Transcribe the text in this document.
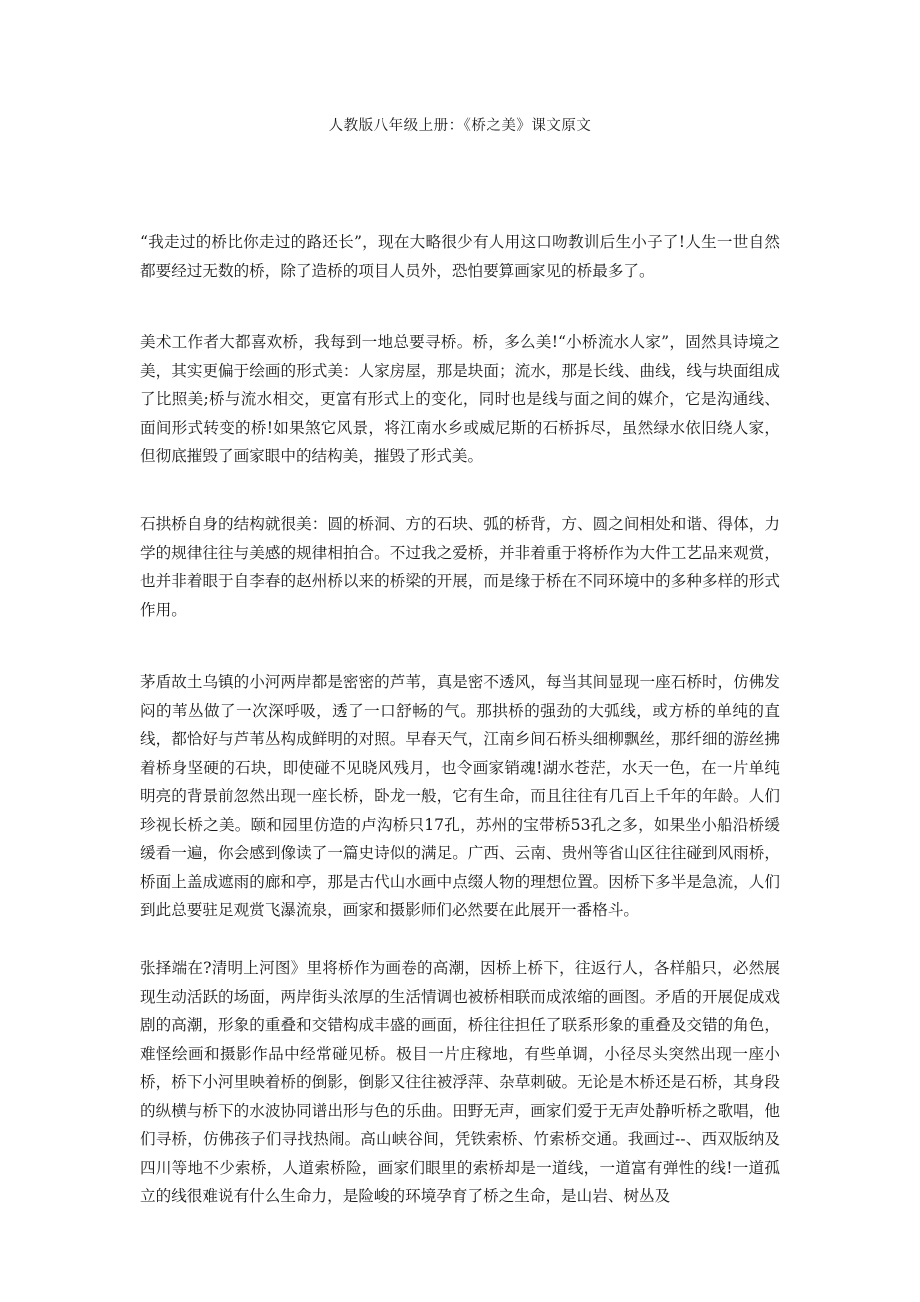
人教版八年级上册：《桥之美》课文原文

“我走过的桥比你走过的路还长”，现在大略很少有人用这口吻教训后生小子了!人生一世自然都要经过无数的桥，除了造桥的项目人员外，恐怕要算画家见的桥最多了。

美术工作者大都喜欢桥，我每到一地总要寻桥。桥，多么美!“小桥流水人家”，固然具诗境之美，其实更偏于绘画的形式美：人家房屋，那是块面；流水，那是长线、曲线，线与块面组成了比照美;桥与流水相交，更富有形式上的变化，同时也是线与面之间的媒介，它是沟通线、面间形式转变的桥!如果煞它风景，将江南水乡或威尼斯的石桥拆尽，虽然绿水依旧绕人家，但彻底摧毁了画家眼中的结构美，摧毁了形式美。

石拱桥自身的结构就很美：圆的桥洞、方的石块、弧的桥背，方、圆之间相处和谐、得体，力学的规律往往与美感的规律相拍合。不过我之爱桥，并非着重于将桥作为大件工艺品来观赏，也并非着眼于自李春的赵州桥以来的桥梁的开展，而是缘于桥在不同环境中的多种多样的形式作用。

茅盾故土乌镇的小河两岸都是密密的芦苇，真是密不透风，每当其间显现一座石桥时，仿佛发闷的苇丛做了一次深呼吸，透了一口舒畅的气。那拱桥的强劲的大弧线，或方桥的单纯的直线，都恰好与芦苇丛构成鲜明的对照。早春天气，江南乡间石桥头细柳飘丝，那纤细的游丝拂着桥身坚硬的石块，即使碰不见晓风残月，也令画家销魂!湖水苍茫，水天一色，在一片单纯明亮的背景前忽然出现一座长桥，卧龙一般，它有生命，而且往往有几百上千年的年龄。人们珍视长桥之美。颐和园里仿造的卢沟桥只17孔，苏州的宝带桥53孔之多，如果坐小船沿桥缓缓看一遍，你会感到像读了一篇史诗似的满足。广西、云南、贵州等省山区往往碰到风雨桥，桥面上盖成遮雨的廊和亭，那是古代山水画中点缀人物的理想位置。因桥下多半是急流，人们到此总要驻足观赏飞瀑流泉，画家和摄影师们必然要在此展开一番格斗。

张择端在?清明上河图》里将桥作为画卷的高潮，因桥上桥下，往返行人，各样船只，必然展现生动活跃的场面，两岸街头浓厚的生活情调也被桥相联而成浓缩的画图。矛盾的开展促成戏剧的高潮，形象的重叠和交错构成丰盛的画面，桥往往担任了联系形象的重叠及交错的角色，难怪绘画和摄影作品中经常碰见桥。极目一片庄稼地，有些单调，小径尽头突然出现一座小桥，桥下小河里映着桥的倒影，倒影又往往被浮萍、杂草刺破。无论是木桥还是石桥，其身段的纵横与桥下的水波协同谱出形与色的乐曲。田野无声，画家们爱于无声处静听桥之歌唱，他们寻桥，仿佛孩子们寻找热闹。高山峡谷间，凭铁索桥、竹索桥交通。我画过--、西双版纳及四川等地不少索桥，人道索桥险，画家们眼里的索桥却是一道线，一道富有弹性的线!一道孤立的线很难说有什么生命力，是险峻的环境孕育了桥之生命，是山岩、树丛及
